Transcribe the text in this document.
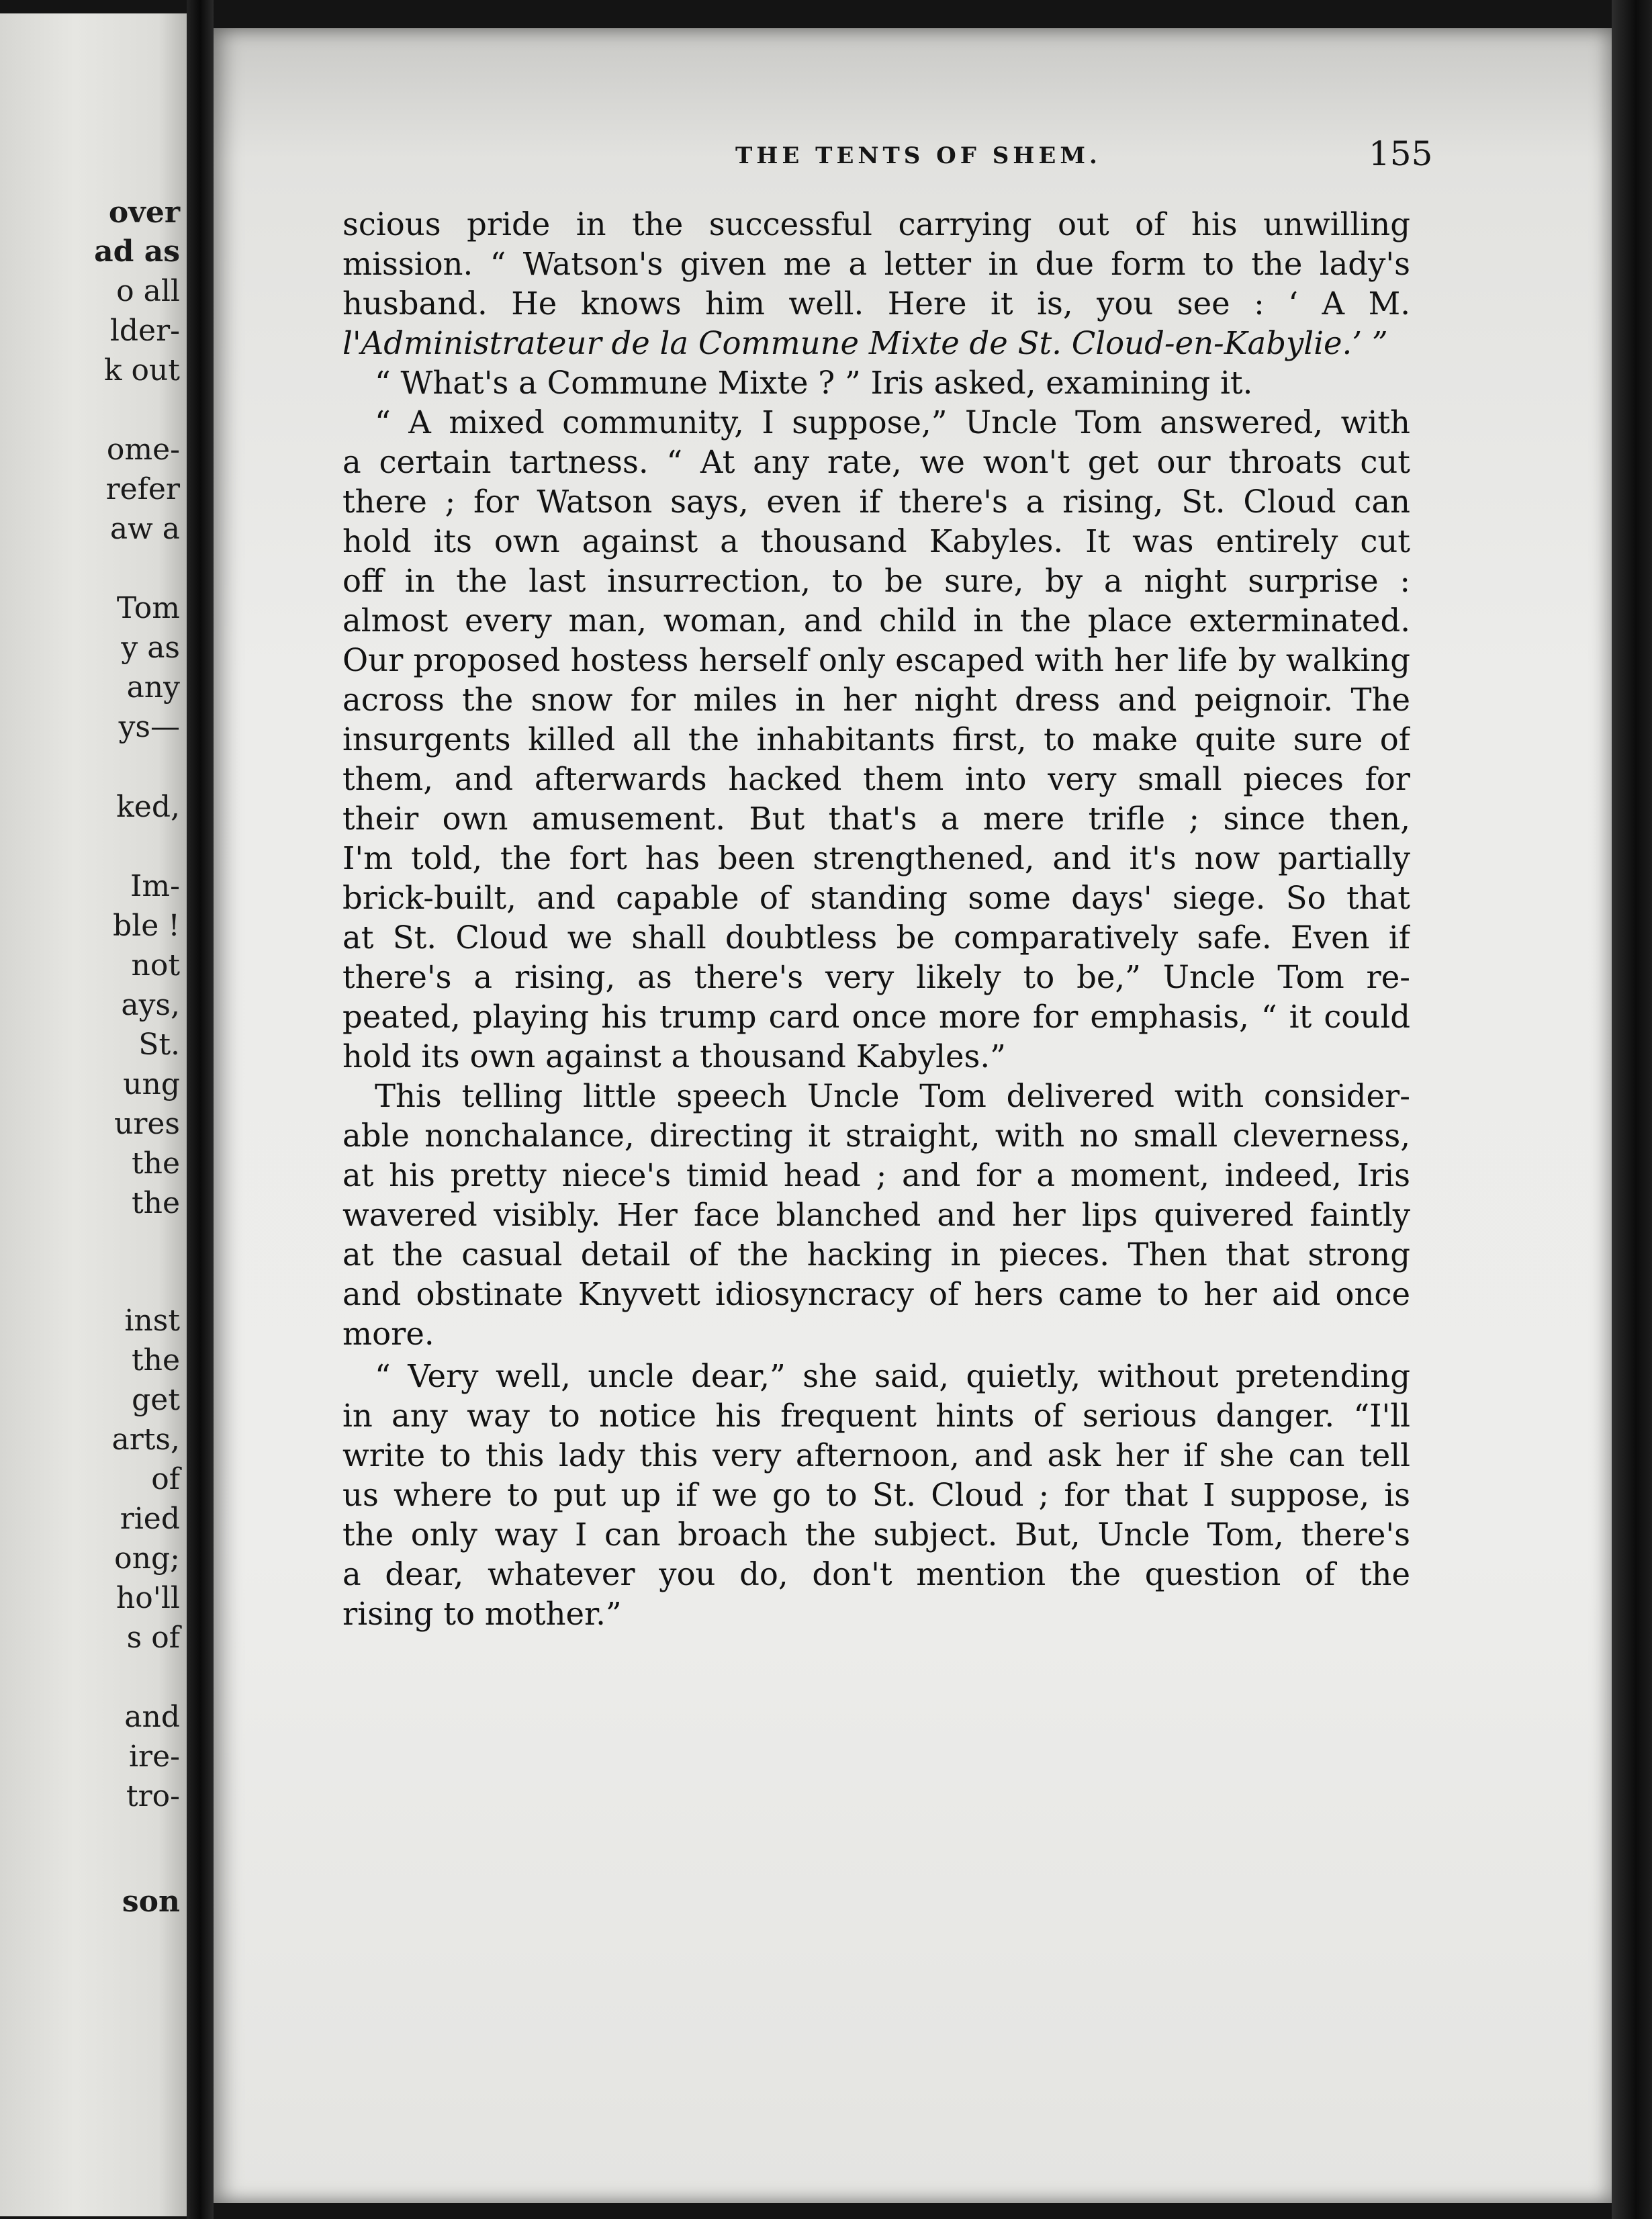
over
ad as
o all
lder-
k out
ome-
refer
aw a
Tom
y as
any
ys—
ked,
Im-
ble !
not
ays,
St.
ung
ures
the
the
inst
the
get
arts,
of
ried
ong;
ho'll
s of
and
ire-
tro-
son
THE TENTS OF SHEM.	155
scious pride in the successful carrying out of his unwilling
mission. “ Watson's given me a letter in due form to the lady's
husband. He knows him well. Here it is, you see : ‘ A M.
l'Administrateur de la Commune Mixte de St. Cloud-en-Kabylie.’ ”
“ What's a Commune Mixte ? ” Iris asked, examining it.
“ A mixed community, I suppose,” Uncle Tom answered, with
a certain tartness. “ At any rate, we won't get our throats cut
there ; for Watson says, even if there's a rising, St. Cloud can
hold its own against a thousand Kabyles. It was entirely cut
off in the last insurrection, to be sure, by a night surprise :
almost every man, woman, and child in the place exterminated.
Our proposed hostess herself only escaped with her life by walking
across the snow for miles in her night dress and peignoir. The
insurgents killed all the inhabitants first, to make quite sure of
them, and afterwards hacked them into very small pieces for
their own amusement. But that's a mere trifle ; since then,
I'm told, the fort has been strengthened, and it's now partially
brick-built, and capable of standing some days' siege. So that
at St. Cloud we shall doubtless be comparatively safe. Even if
there's a rising, as there's very likely to be,” Uncle Tom re-
peated, playing his trump card once more for emphasis, “ it could
hold its own against a thousand Kabyles.”
This telling little speech Uncle Tom delivered with consider-
able nonchalance, directing it straight, with no small cleverness,
at his pretty niece's timid head ; and for a moment, indeed, Iris
wavered visibly. Her face blanched and her lips quivered faintly
at the casual detail of the hacking in pieces. Then that strong
and obstinate Knyvett idiosyncracy of hers came to her aid once
more.
“ Very well, uncle dear,” she said, quietly, without pretending
in any way to notice his frequent hints of serious danger. “I'll
write to this lady this very afternoon, and ask her if she can tell
us where to put up if we go to St. Cloud ; for that I suppose, is
the only way I can broach the subject. But, Uncle Tom, there's
a dear, whatever you do, don't mention the question of the
rising to mother.”
